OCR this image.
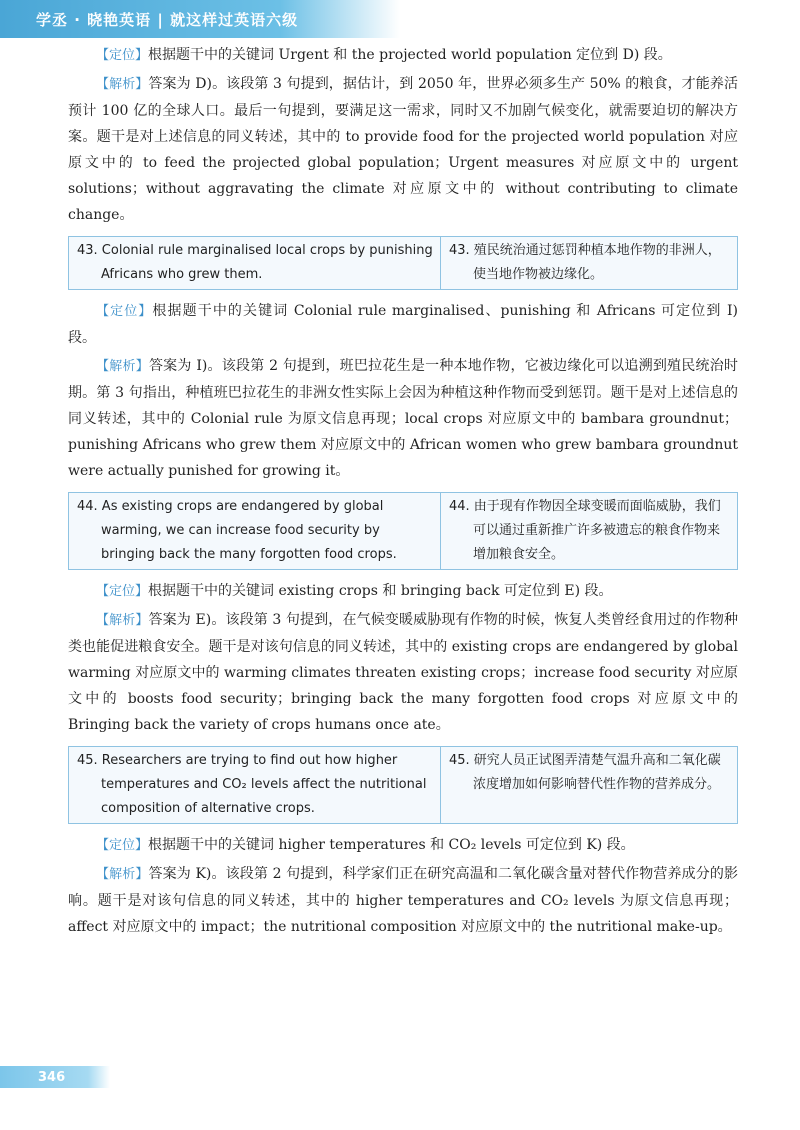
学丞 · 晓艳英语 | 就这样过英语六级

【定位】根据题干中的关键词 Urgent 和 the projected world population 定位到 D) 段。

【解析】答案为 D)。该段第 3 句提到，据估计，到 2050 年，世界必须多生产 50% 的粮食，才能养活预计 100 亿的全球人口。最后一句提到，要满足这一需求，同时又不加剧气候变化，就需要迫切的解决方案。题干是对上述信息的同义转述，其中的 to provide food for the projected world population 对应原文中的 to feed the projected global population；Urgent measures 对应原文中的 urgent solutions；without aggravating the climate 对应原文中的 without contributing to climate change。

43. Colonial rule marginalised local crops by punishing Africans who grew them.
43. 殖民统治通过惩罚种植本地作物的非洲人，使当地作物被边缘化。

【定位】根据题干中的关键词 Colonial rule marginalised、punishing 和 Africans 可定位到 I) 段。

【解析】答案为 I)。该段第 2 句提到，班巴拉花生是一种本地作物，它被边缘化可以追溯到殖民统治时期。第 3 句指出，种植班巴拉花生的非洲女性实际上会因为种植这种作物而受到惩罚。题干是对上述信息的同义转述，其中的 Colonial rule 为原文信息再现；local crops 对应原文中的 bambara groundnut；punishing Africans who grew them 对应原文中的 African women who grew bambara groundnut were actually punished for growing it。

44. As existing crops are endangered by global warming, we can increase food security by bringing back the many forgotten food crops.
44. 由于现有作物因全球变暖而面临威胁，我们可以通过重新推广许多被遗忘的粮食作物来增加粮食安全。

【定位】根据题干中的关键词 existing crops 和 bringing back 可定位到 E) 段。

【解析】答案为 E)。该段第 3 句提到，在气候变暖威胁现有作物的时候，恢复人类曾经食用过的作物种类也能促进粮食安全。题干是对该句信息的同义转述，其中的 existing crops are endangered by global warming 对应原文中的 warming climates threaten existing crops；increase food security 对应原文中的 boosts food security；bringing back the many forgotten food crops 对应原文中的 Bringing back the variety of crops humans once ate。

45. Researchers are trying to find out how higher temperatures and CO₂ levels affect the nutritional composition of alternative crops.
45. 研究人员正试图弄清楚气温升高和二氧化碳浓度增加如何影响替代性作物的营养成分。

【定位】根据题干中的关键词 higher temperatures 和 CO₂ levels 可定位到 K) 段。

【解析】答案为 K)。该段第 2 句提到，科学家们正在研究高温和二氧化碳含量对替代作物营养成分的影响。题干是对该句信息的同义转述，其中的 higher temperatures and CO₂ levels 为原文信息再现；affect 对应原文中的 impact；the nutritional composition 对应原文中的 the nutritional make-up。

346
